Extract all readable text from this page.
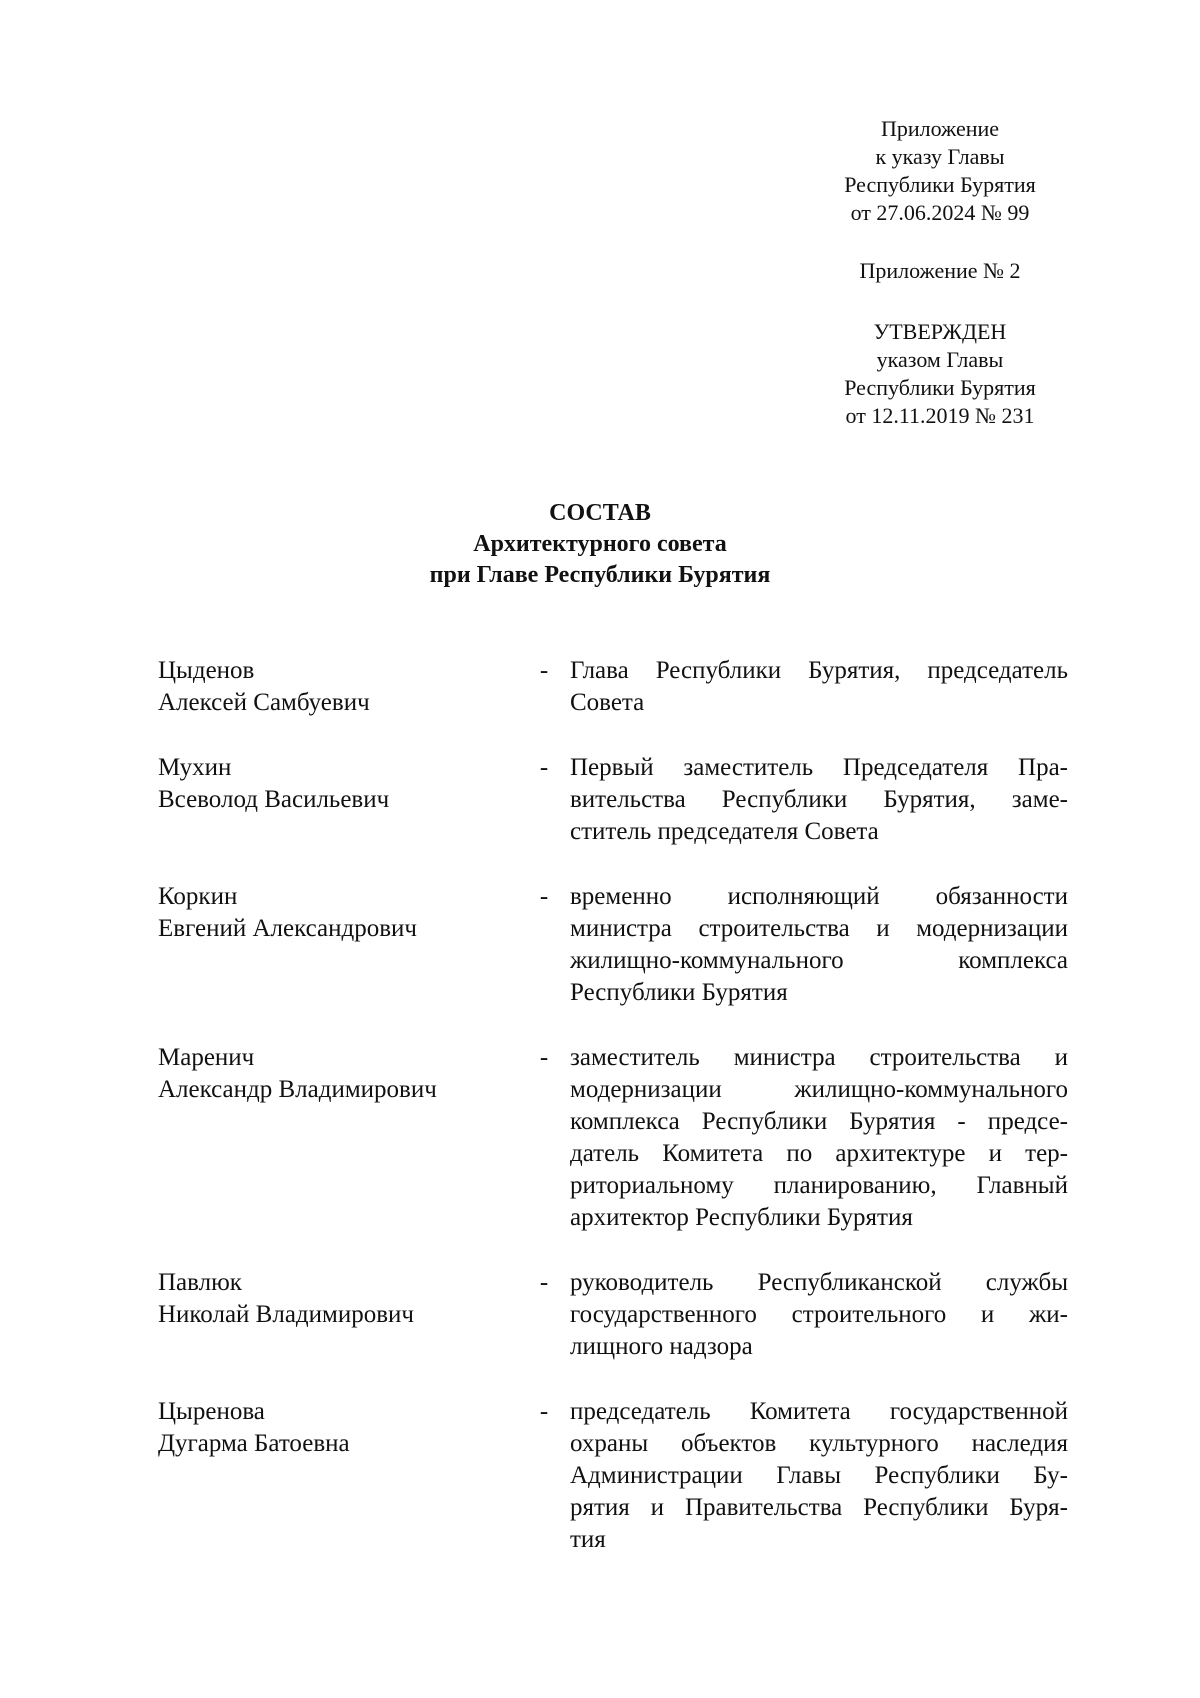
Приложение
к указу Главы
Республики Бурятия
от 27.06.2024 № 99
Приложение № 2
УТВЕРЖДЕН
указом Главы
Республики Бурятия
от 12.11.2019 № 231
СОСТАВ
Архитектурного совета
при Главе Республики Бурятия
Цыденов
Алексей Самбуевич
- Глава Республики Бурятия, председатель
Совета
Мухин
Всеволод Васильевич
- Первый заместитель Председателя Пра-
вительства Республики Бурятия, заме-
ститель председателя Совета
Коркин
Евгений Александрович
- временно исполняющий обязанности
министра строительства и модернизации
жилищно-коммунального комплекса
Республики Бурятия
Маренич
Александр Владимирович
- заместитель министра строительства и
модернизации жилищно-коммунального
комплекса Республики Бурятия - предсе-
датель Комитета по архитектуре и тер-
риториальному планированию, Главный
архитектор Республики Бурятия
Павлюк
Николай Владимирович
- руководитель Республиканской службы
государственного строительного и жи-
лищного надзора
Цыренова
Дугарма Батоевна
- председатель Комитета государственной
охраны объектов культурного наследия
Администрации Главы Республики Бу-
рятия и Правительства Республики Буря-
тия
